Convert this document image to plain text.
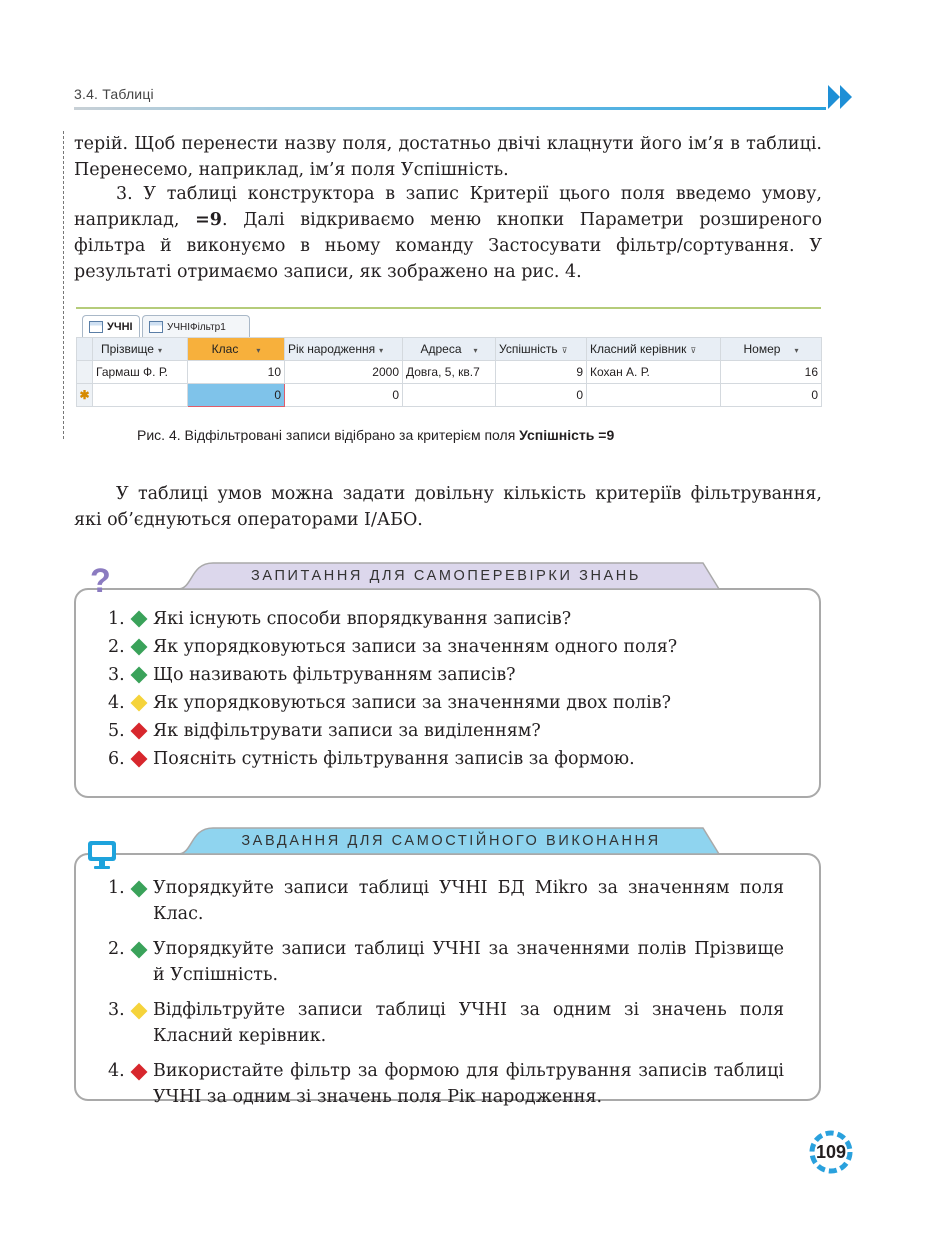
3.4. Таблиці
терій. Щоб перенести назву поля, достатньо двічі клацнути його ім’я в таблиці. Перенесемо, наприклад, ім’я поля Успішність.
3. У таблиці конструктора в запис Критерії цього поля введемо умову, наприклад, =9. Далі відкриваємо меню кнопки Параметри розширеного фільтра й виконуємо в ньому команду Застосувати фільтр/сортування. У результаті отримаємо записи, як зображено на рис. 4.
УЧНІ	УЧНІФільтр1
	Прізвище ▾	Клас ▾	Рік народження ▾	Адреса ▾	Успішність ⊽	Класний керівник ⊽	Номер ▾
	Гармаш Ф. Р.	10	2000	Довга, 5, кв.7	9	Кохан А. Р.	16
✱		0	0		0		0
Рис. 4. Відфільтровані записи відібрано за критерієм поля Успішність =9
У таблиці умов можна задати довільну кількість критеріїв фільтрування, які об’єднуються операторами І/АБО.
ЗАПИТАННЯ ДЛЯ САМОПЕРЕВІРКИ ЗНАНЬ
?
1.	Які існують способи впорядкування записів?
2.	Як упорядковуються записи за значенням одного поля?
3.	Що називають фільтруванням записів?
4.	Як упорядковуються записи за значеннями двох полів?
5.	Як відфільтрувати записи за виділенням?
6.	Поясніть сутність фільтрування записів за формою.
ЗАВДАННЯ ДЛЯ САМОСТІЙНОГО ВИКОНАННЯ
1.	Упорядкуйте записи таблиці УЧНІ БД Mikro за значенням поля Клас.
2.	Упорядкуйте записи таблиці УЧНІ за значеннями полів Прізвище й Успішність.
3.	Відфільтруйте записи таблиці УЧНІ за одним зі значень поля Класний керівник.
4.	Використайте фільтр за формою для фільтрування записів таблиці УЧНІ за одним зі значень поля Рік народження.
109
